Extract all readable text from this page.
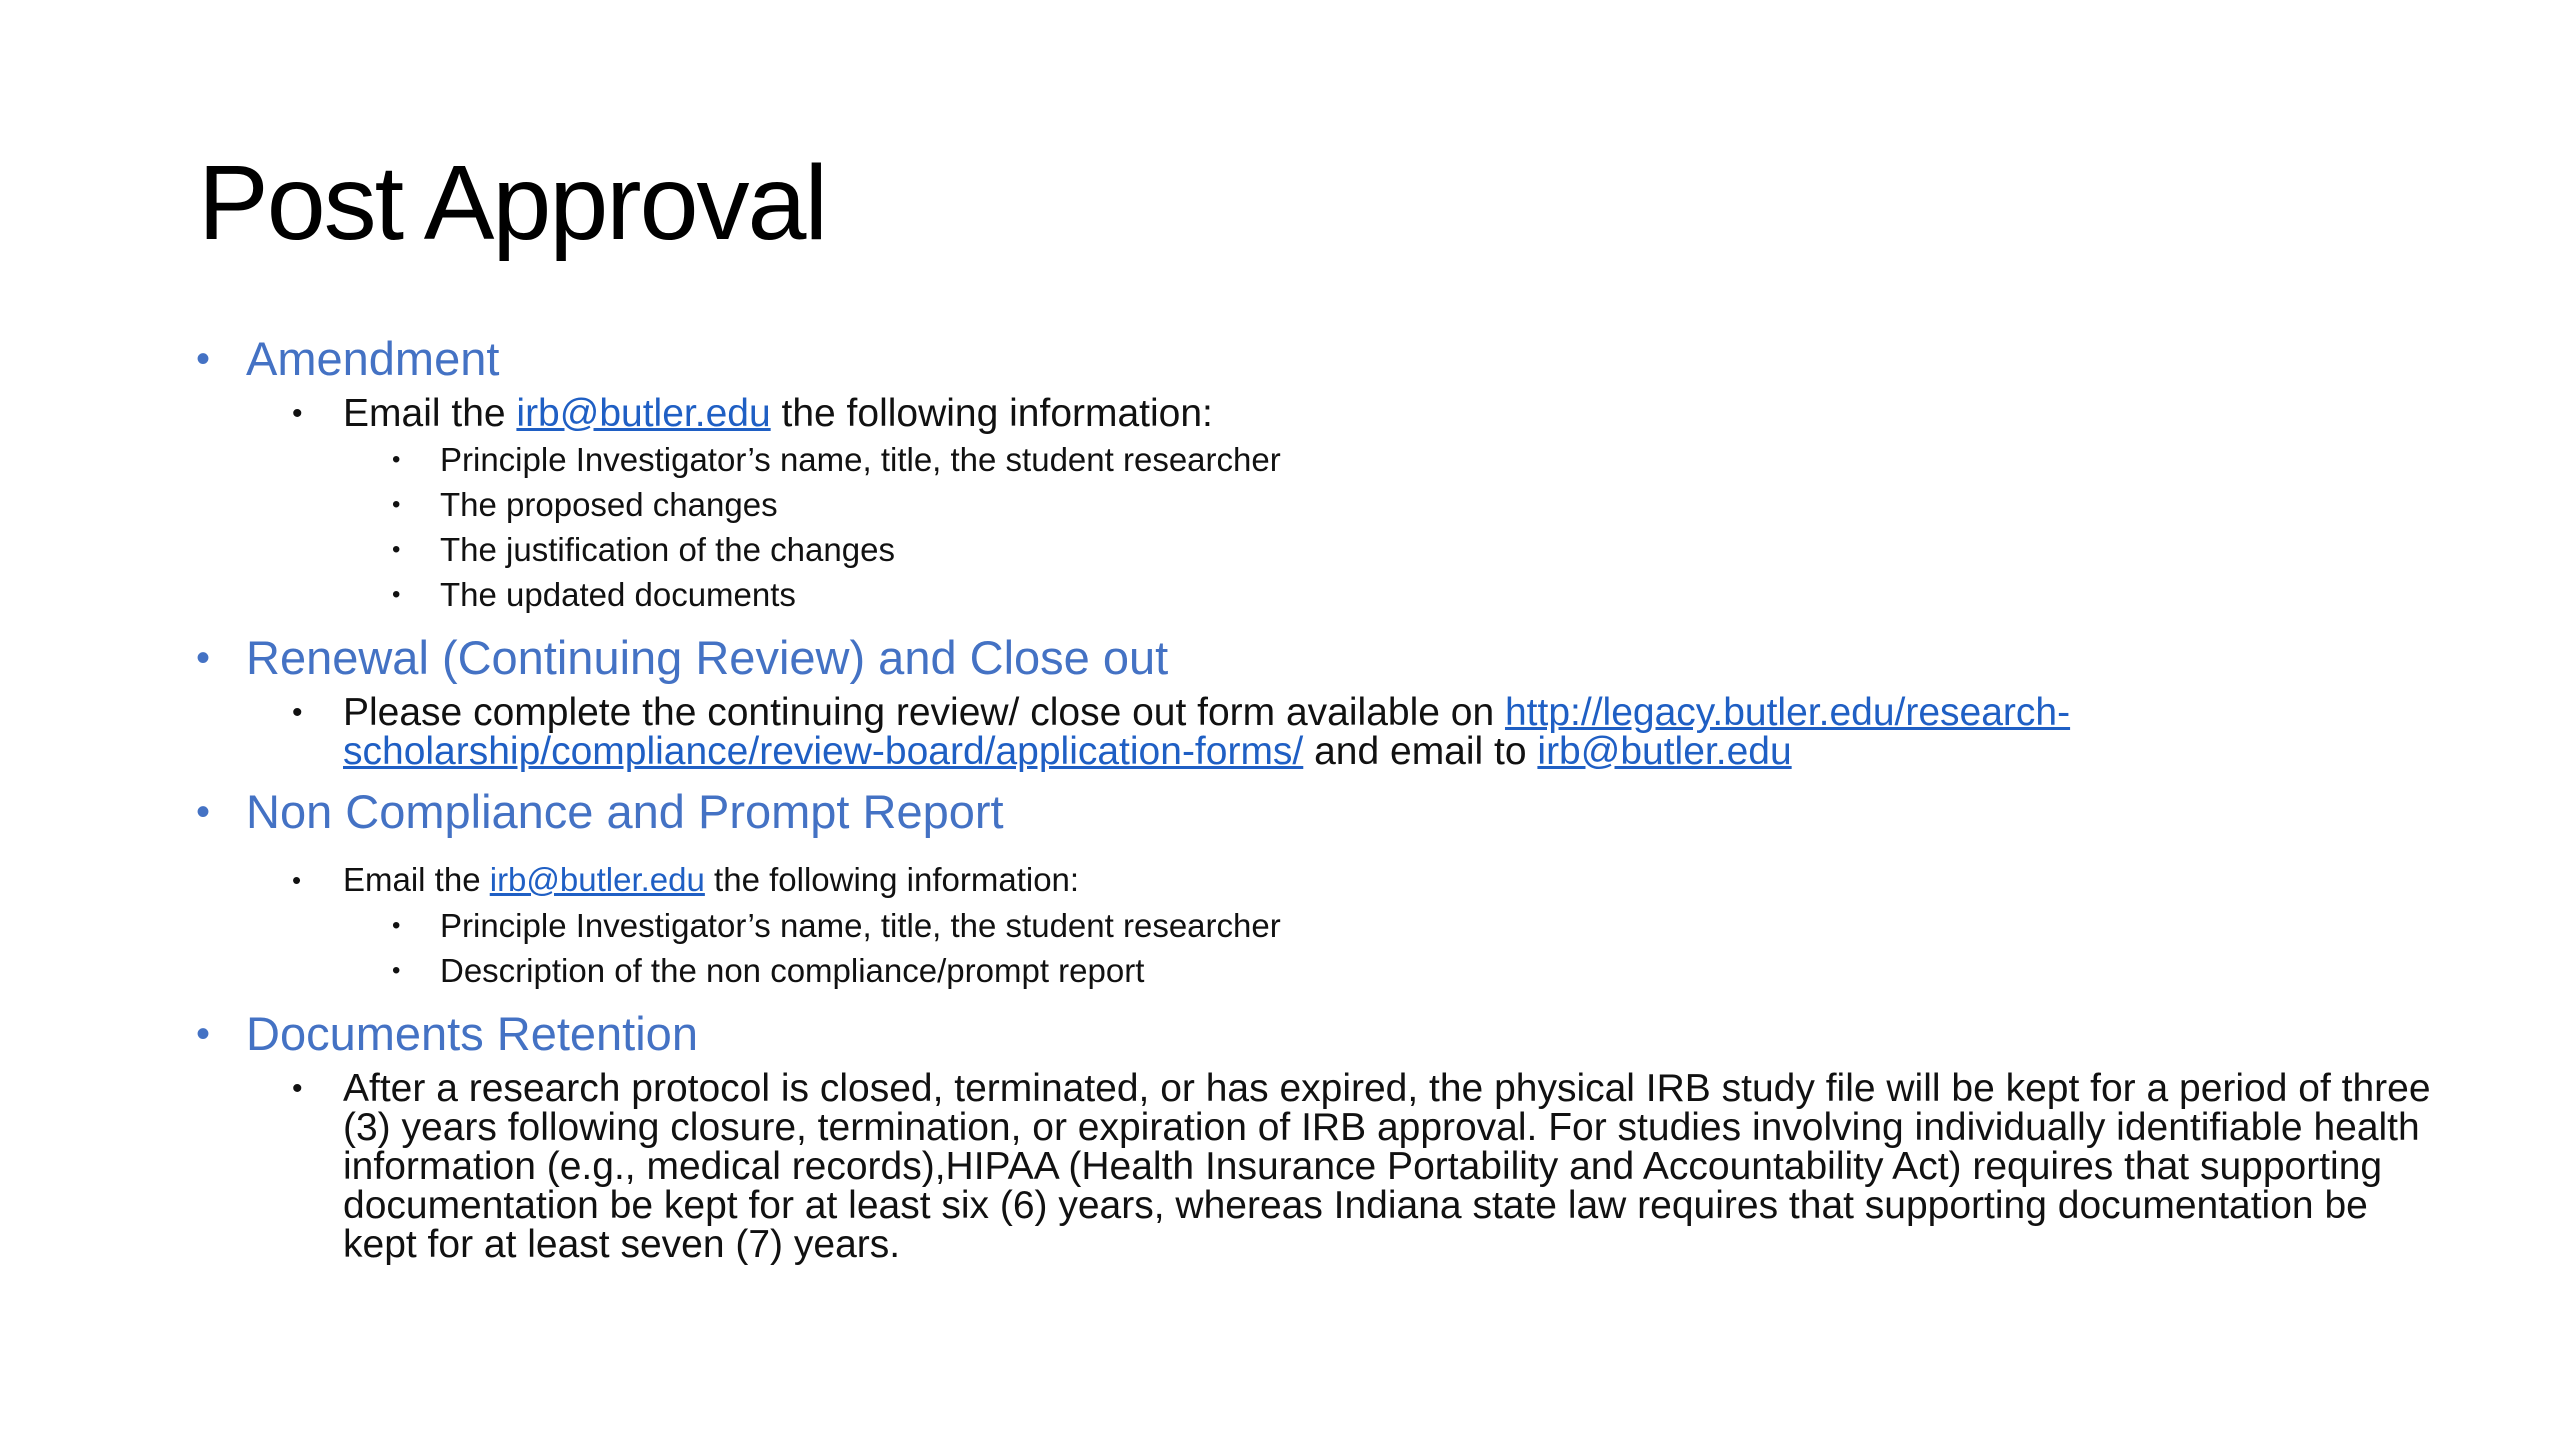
Post Approval
• Amendment
• Email the irb@butler.edu the following information:
• Principle Investigator’s name, title, the student researcher
• The proposed changes
• The justification of the changes
• The updated documents
• Renewal (Continuing Review) and Close out
• Please complete the continuing review/ close out form available on http://legacy.butler.edu/research-scholarship/compliance/review-board/application-forms/ and email to irb@butler.edu
• Non Compliance and Prompt Report
• Email the irb@butler.edu the following information:
• Principle Investigator’s name, title, the student researcher
• Description of the non compliance/prompt report
• Documents Retention
• After a research protocol is closed, terminated, or has expired, the physical IRB study file will be kept for a period of three (3) years following closure, termination, or expiration of IRB approval. For studies involving individually identifiable health information (e.g., medical records),HIPAA (Health Insurance Portability and Accountability Act) requires that supporting documentation be kept for at least six (6) years, whereas Indiana state law requires that supporting documentation be kept for at least seven (7) years.
